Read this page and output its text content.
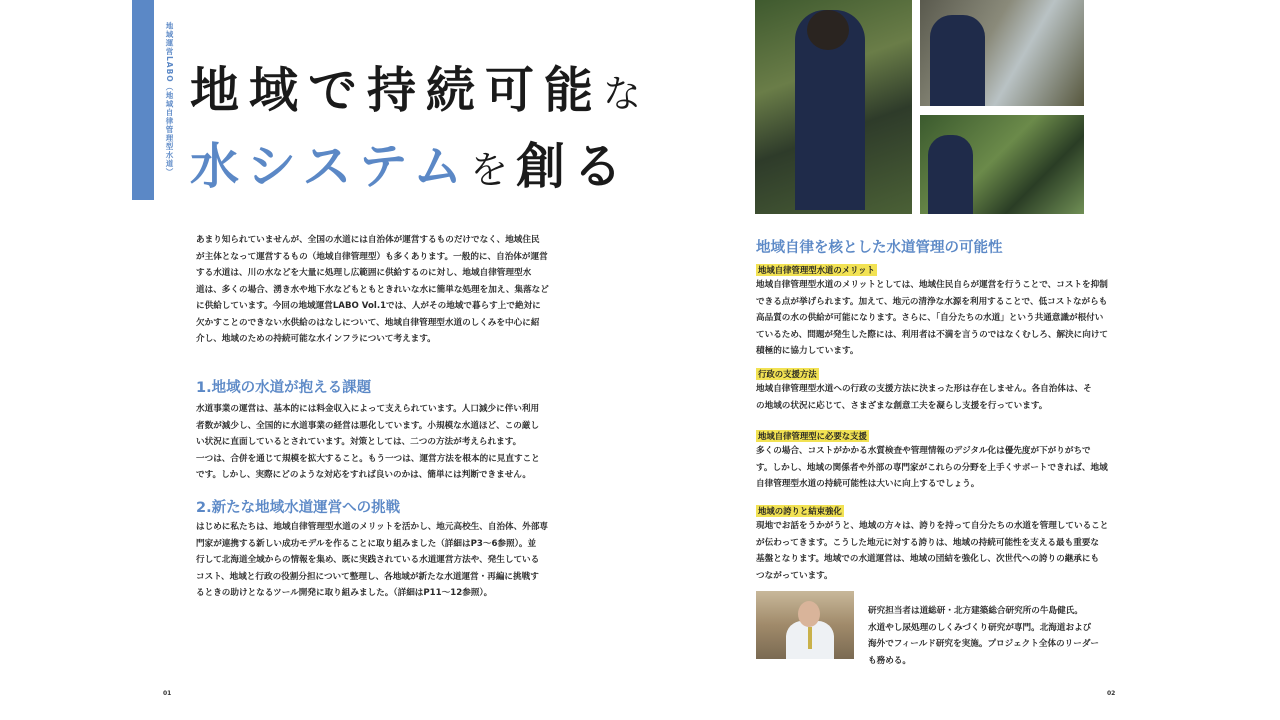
地域運営LABO（地域自律管理型水道） 地域で持続可能な
水システムを創る
あまり知られていませんが、全国の水道には自治体が運営するものだけでなく、地域住民
が主体となって運営するもの（地域自律管理型）も多くあります。一般的に、自治体が運営
する水道は、川の水などを大量に処理し広範囲に供給するのに対し、地域自律管理型水
道は、多くの場合、湧き水や地下水などもともときれいな水に簡単な処理を加え、集落など
に供給しています。今回の地域運営LABO Vol.1では、人がその地域で暮らす上で絶対に
欠かすことのできない水供給のはなしについて、地域自律管理型水道のしくみを中心に紹
介し、地域のための持続可能な水インフラについて考えます。
1.地域の水道が抱える課題
水道事業の運営は、基本的には料金収入によって支えられています。人口減少に伴い利用
者数が減少し、全国的に水道事業の経営は悪化しています。小規模な水道ほど、この厳し
い状況に直面しているとされています。対策としては、二つの方法が考えられます。
一つは、合併を通じて規模を拡大すること。もう一つは、運営方法を根本的に見直すこと
です。しかし、実際にどのような対応をすれば良いのかは、簡単には判断できません。
2.新たな地域水道運営への挑戦
はじめに私たちは、地域自律管理型水道のメリットを活かし、地元高校生、自治体、外部専
門家が連携する新しい成功モデルを作ることに取り組みました（詳細はP3〜6参照）。並
行して北海道全域からの情報を集め、既に実践されている水道運営方法や、発生している
コスト、地域と行政の役割分担について整理し、各地域が新たな水道運営・再編に挑戦す
るときの助けとなるツール開発に取り組みました。（詳細はP11〜12参照）。
01
地域自律を核とした水道管理の可能性
地域自律管理型水道のメリット
地域自律管理型水道のメリットとしては、地域住民自らが運営を行うことで、コストを抑制
できる点が挙げられます。加えて、地元の清浄な水源を利用することで、低コストながらも
高品質の水の供給が可能になります。さらに、「自分たちの水道」という共通意識が根付い
ているため、問題が発生した際には、利用者は不満を言うのではなくむしろ、解決に向けて
積極的に協力しています。
行政の支援方法
地域自律管理型水道への行政の支援方法に決まった形は存在しません。各自治体は、そ
の地域の状況に応じて、さまざまな創意工夫を凝らし支援を行っています。
地域自律管理型に必要な支援
多くの場合、コストがかかる水質検査や管理情報のデジタル化は優先度が下がりがちで
す。しかし、地域の関係者や外部の専門家がこれらの分野を上手くサポートできれば、地域
自律管理型水道の持続可能性は大いに向上するでしょう。
地域の誇りと結束強化
現地でお話をうかがうと、地域の方々は、誇りを持って自分たちの水道を管理していること
が伝わってきます。こうした地元に対する誇りは、地域の持続可能性を支える最も重要な
基盤となります。地域での水道運営は、地域の団結を強化し、次世代への誇りの継承にも
つながっています。
研究担当者は道総研・北方建築総合研究所の牛島健氏。
水道やし尿処理のしくみづくり研究が専門。北海道および
海外でフィールド研究を実施。プロジェクト全体のリーダー
も務める。
02
